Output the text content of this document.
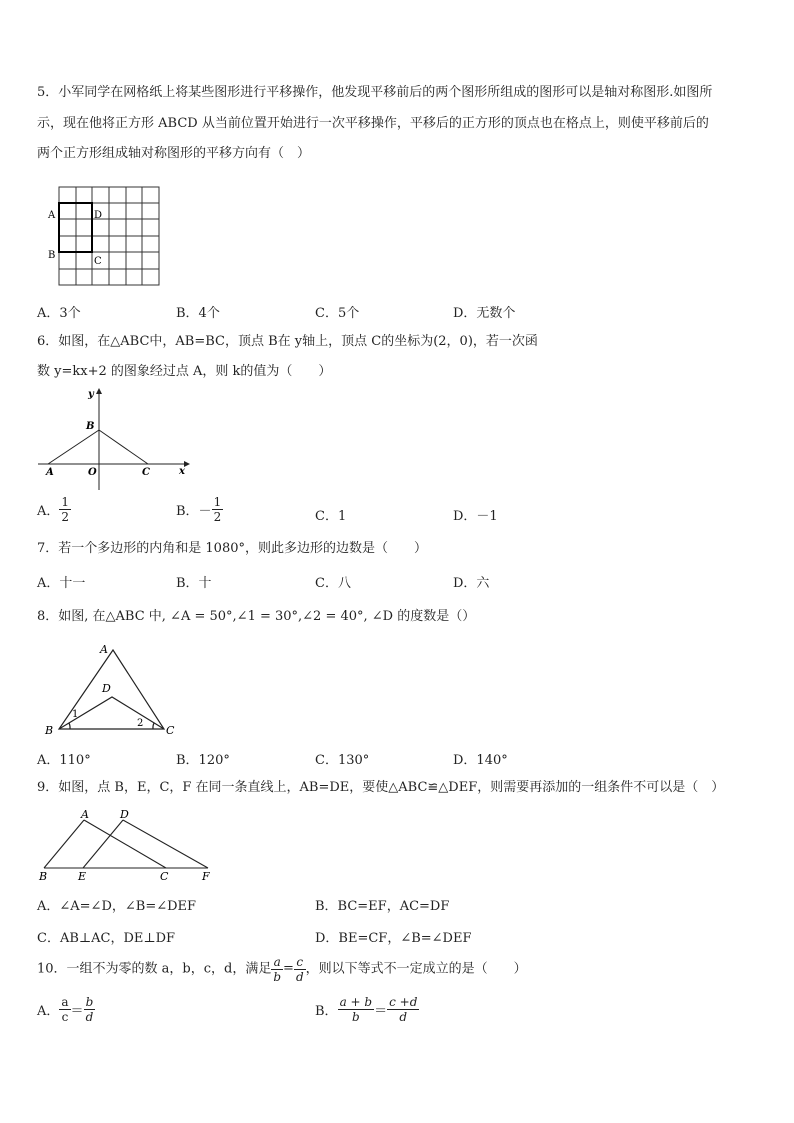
5．小军同学在网格纸上将某些图形进行平移操作，他发现平移前后的两个图形所组成的图形可以是轴对称图形.如图所
示，现在他将正方形 ABCD 从当前位置开始进行一次平移操作，平移后的正方形的顶点也在格点上，则使平移前后的
两个正方形组成轴对称图形的平移方向有（　）
A
B
D
C
A．3个	B．4个	C．5个	D．无数个
6．如图，在△ABC中，AB=BC，顶点 B在 y轴上，顶点 C的坐标为(2，0)，若一次函
数 y=kx+2 的图象经过点 A，则 k的值为（　　）
y
x
B
A	O	C
A． $\frac{1}{2}$	B．－ $\frac{1}{2}$	C．1	D．－1
7．若一个多边形的内角和是 1080°，则此多边形的边数是（　　）
A．十一	B．十	C．八	D．六
8．如图, 在△ABC 中, ∠A = 50°,∠1 = 30°,∠2 = 40°, ∠D 的度数是（）
A
B	C
D
1
2
A．110°	B．120°	C．130°	D．140°
9．如图，点 B，E，C，F 在同一条直线上，AB=DE，要使△ABC≌△DEF，则需要再添加的一组条件不可以是（　）
A	D
B	E	C	F
A．∠A=∠D，∠B=∠DEF	B．BC=EF，AC=DF
C．AB⊥AC，DE⊥DF	D．BE=CF，∠B=∠DEF
10．一组不为零的数 a，b，c，d，满足 $\frac{a}{b} = \frac{c}{d}$ ，则以下等式不一定成立的是（　　）
A． $\frac{a}{c} = \frac{b}{d}$	B． $\frac{a + b}{b} = \frac{c +d}{d}$
